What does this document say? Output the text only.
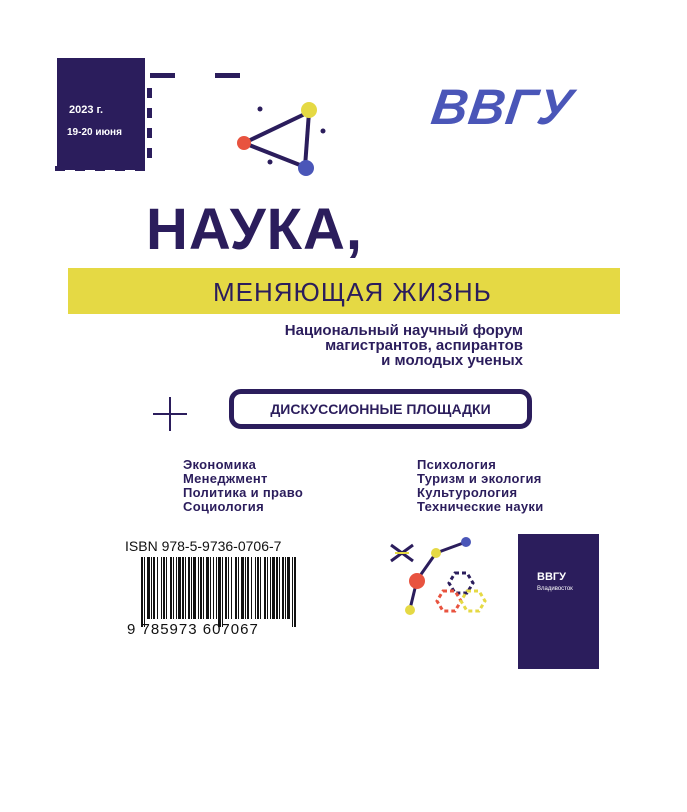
2023 г.
19-20 июня	ВВГУ
НАУКА,
МЕНЯЮЩАЯ ЖИЗНЬ
Национальный научный форум
магистрантов, аспирантов
и молодых ученых
ДИСКУССИОННЫЕ ПЛОЩАДКИ
Экономика
Менеджмент
Политика и право
Социология
Психология
Туризм и экология
Культурология
Технические науки
ISBN 978-5-9736-0706-7
9 785973 607067
ВВГУ
Владивосток
